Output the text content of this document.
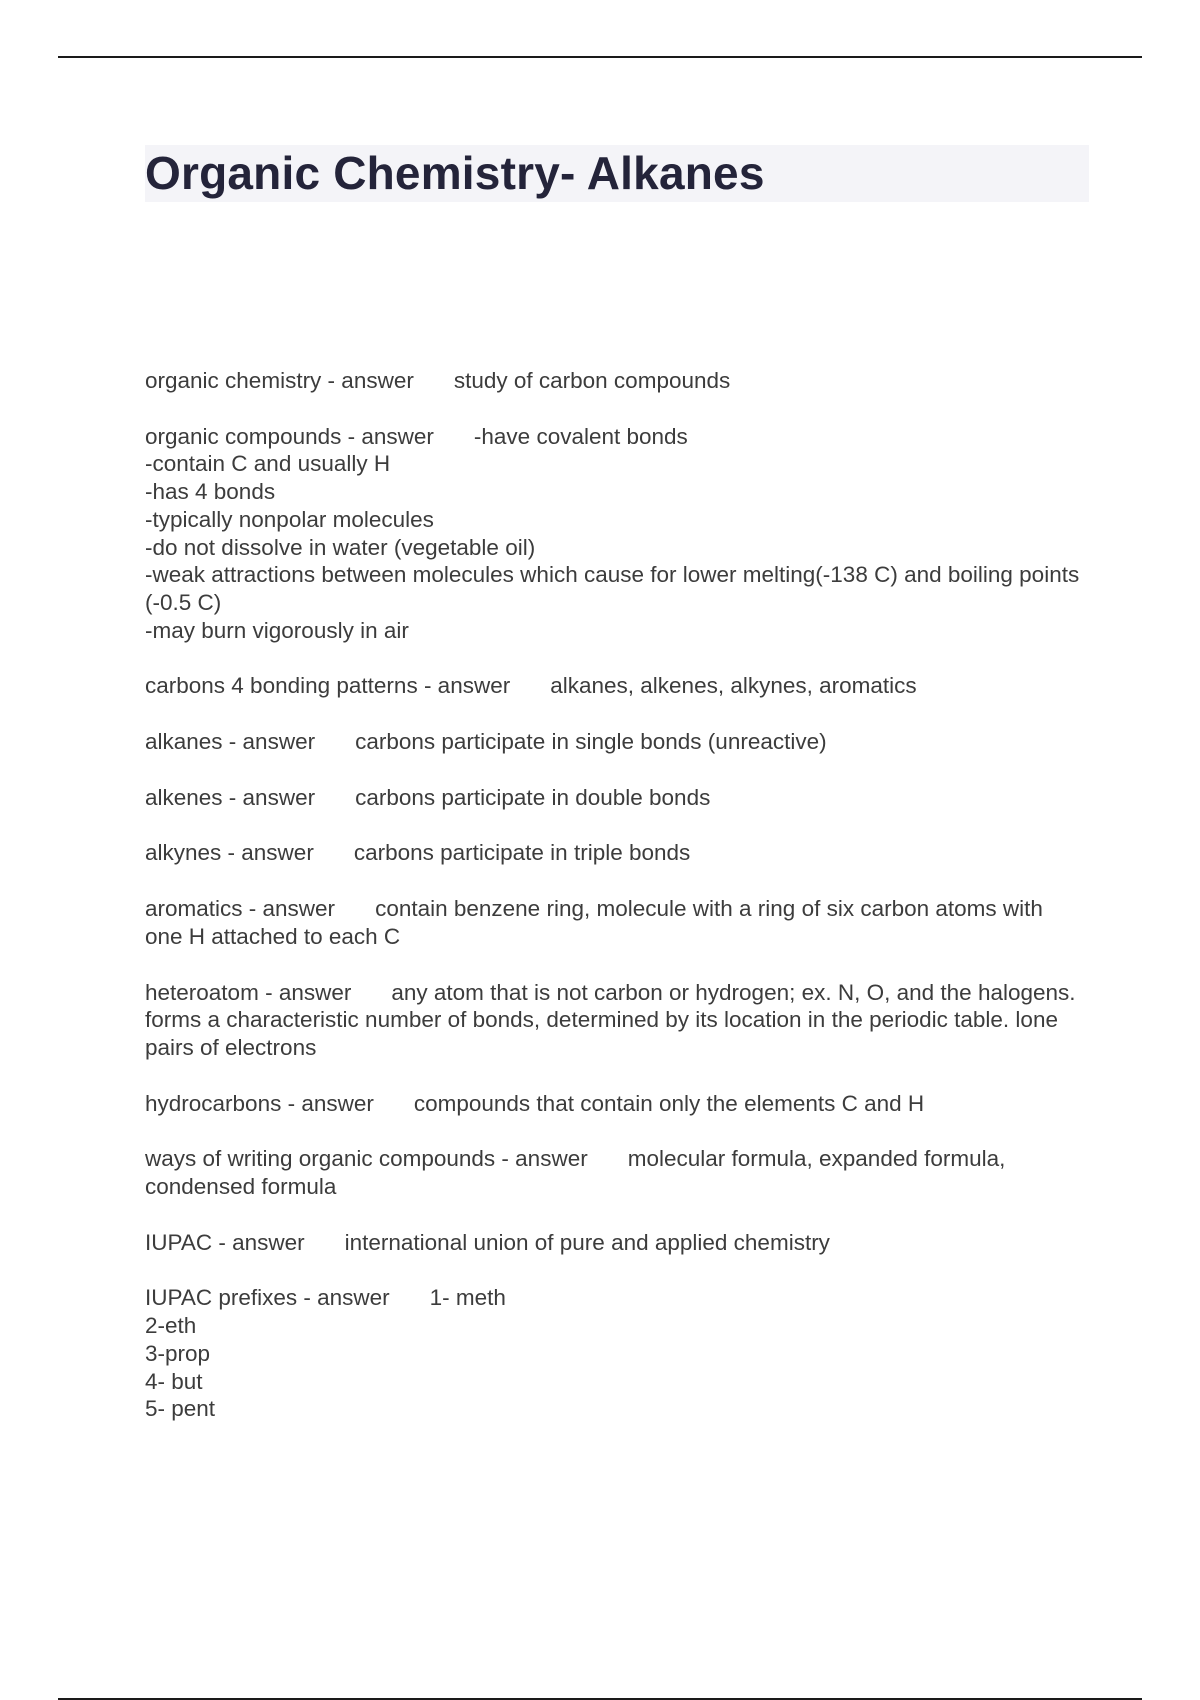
Organic Chemistry- Alkanes

organic chemistry - answer study of carbon compounds

organic compounds - answer -have covalent bonds
-contain C and usually H
-has 4 bonds
-typically nonpolar molecules
-do not dissolve in water (vegetable oil)
-weak attractions between molecules which cause for lower melting(-138 C) and boiling points (-0.5 C)
-may burn vigorously in air

carbons 4 bonding patterns - answer alkanes, alkenes, alkynes, aromatics

alkanes - answer carbons participate in single bonds (unreactive)

alkenes - answer carbons participate in double bonds

alkynes - answer carbons participate in triple bonds

aromatics - answer contain benzene ring, molecule with a ring of six carbon atoms with one H attached to each C

heteroatom - answer any atom that is not carbon or hydrogen; ex. N, O, and the halogens. forms a characteristic number of bonds, determined by its location in the periodic table. lone pairs of electrons

hydrocarbons - answer compounds that contain only the elements C and H

ways of writing organic compounds - answer molecular formula, expanded formula, condensed formula

IUPAC - answer international union of pure and applied chemistry

IUPAC prefixes - answer 1- meth
2-eth
3-prop
4- but
5- pent
